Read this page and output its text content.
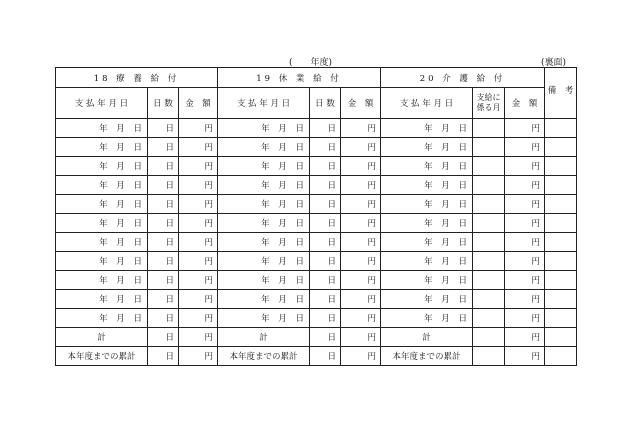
(　　年度)	(裏面)
18 療 養 給 付			19 休 業 給 付			20 介 護 給 付			備　考
支 払 年 月 日	日 数	金　額	支 払 年 月 日	日 数	金　額	支 払 年 月 日	支給に係る月	金　額	
年 月 日	日	円	年 月 日	日	円	年 月 日		円	
年 月 日	日	円	年 月 日	日	円	年 月 日		円	
年 月 日	日	円	年 月 日	日	円	年 月 日		円	
年 月 日	日	円	年 月 日	日	円	年 月 日		円	
年 月 日	日	円	年 月 日	日	円	年 月 日		円	
年 月 日	日	円	年 月 日	日	円	年 月 日		円	
年 月 日	日	円	年 月 日	日	円	年 月 日		円	
年 月 日	日	円	年 月 日	日	円	年 月 日		円	
年 月 日	日	円	年 月 日	日	円	年 月 日		円	
年 月 日	日	円	年 月 日	日	円	年 月 日		円	
年 月 日	日	円	年 月 日	日	円	年 月 日		円	
計	日	円	計	日	円	計		円	
本年度までの累計	日	円	本年度までの累計	日	円	本年度までの累計		円	
